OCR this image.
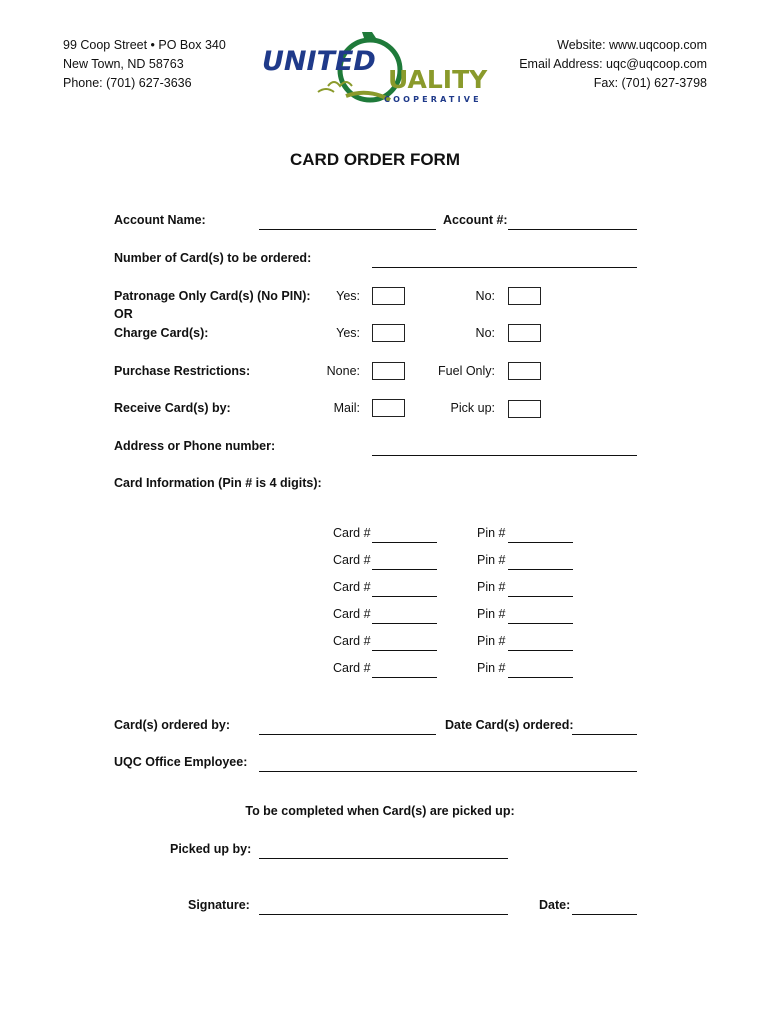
99 Coop Street • PO Box 340
New Town, ND 58763
Phone: (701) 627-3636
Website: www.uqcoop.com
Email Address: uqc@uqcoop.com
Fax: (701) 627-3798
UNITED
UALITY
COOPERATIVE
CARD ORDER FORM
Account Name:	Account #:
Number of Card(s) to be ordered:
Patronage Only Card(s) (No PIN):	Yes:	No:
OR
Charge Card(s):	Yes:	No:
Purchase Restrictions:	None:	Fuel Only:
Receive Card(s) by:	Mail:	Pick up:
Address or Phone number:
Card Information (Pin # is 4 digits):
Card #	Pin #
Card #	Pin #
Card #	Pin #
Card #	Pin #
Card #	Pin #
Card #	Pin #
Card(s) ordered by:	Date Card(s) ordered:
UQC Office Employee:
To be completed when Card(s) are picked up:
Picked up by:
Signature:	Date:
